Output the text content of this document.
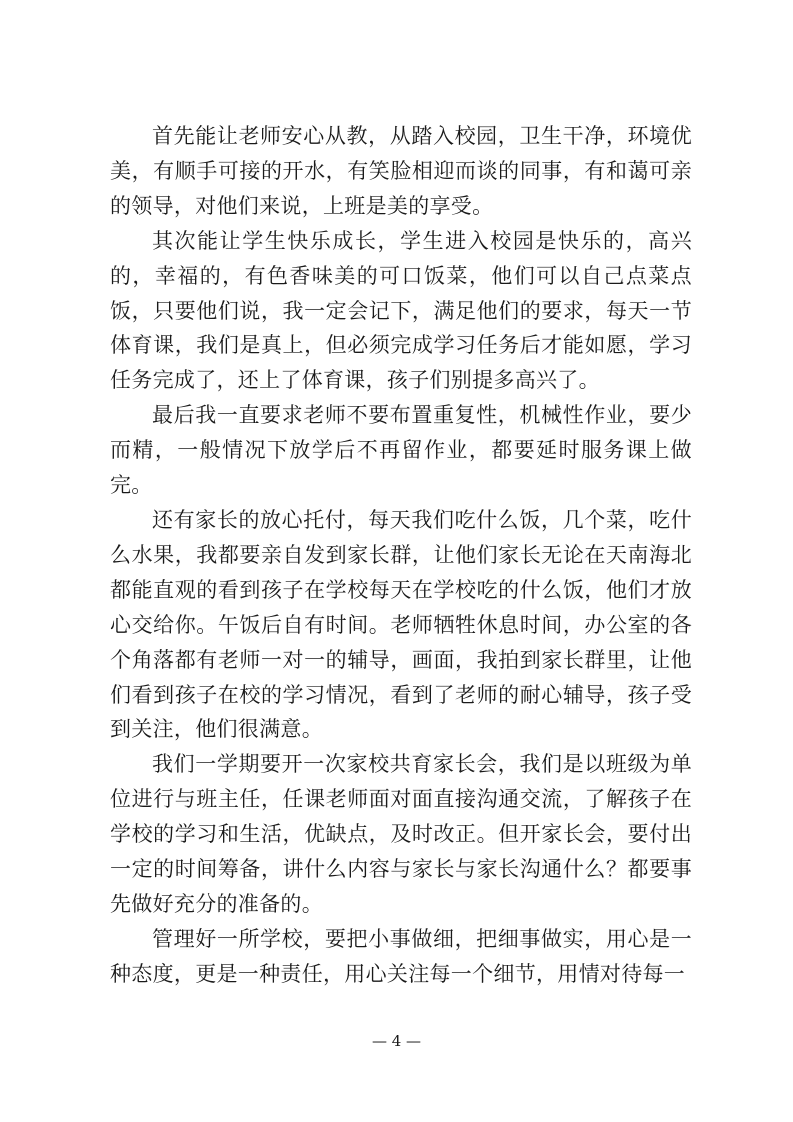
首先能让老师安心从教，从踏入校园，卫生干净，环境优美，有顺手可接的开水，有笑脸相迎而谈的同事，有和蔼可亲的领导，对他们来说，上班是美的享受。

其次能让学生快乐成长，学生进入校园是快乐的，高兴的，幸福的，有色香味美的可口饭菜，他们可以自己点菜点饭，只要他们说，我一定会记下，满足他们的要求，每天一节体育课，我们是真上，但必须完成学习任务后才能如愿，学习任务完成了，还上了体育课，孩子们别提多高兴了。

最后我一直要求老师不要布置重复性，机械性作业，要少而精，一般情况下放学后不再留作业，都要延时服务课上做完。

还有家长的放心托付，每天我们吃什么饭，几个菜，吃什么水果，我都要亲自发到家长群，让他们家长无论在天南海北都能直观的看到孩子在学校每天在学校吃的什么饭，他们才放心交给你。午饭后自有时间。老师牺牲休息时间，办公室的各个角落都有老师一对一的辅导，画面，我拍到家长群里，让他们看到孩子在校的学习情况，看到了老师的耐心辅导，孩子受到关注，他们很满意。

我们一学期要开一次家校共育家长会，我们是以班级为单位进行与班主任，任课老师面对面直接沟通交流，了解孩子在学校的学习和生活，优缺点，及时改正。但开家长会，要付出一定的时间筹备，讲什么内容与家长与家长沟通什么？都要事先做好充分的准备的。

管理好一所学校，要把小事做细，把细事做实，用心是一种态度，更是一种责任，用心关注每一个细节，用情对待每一

— 4 —
